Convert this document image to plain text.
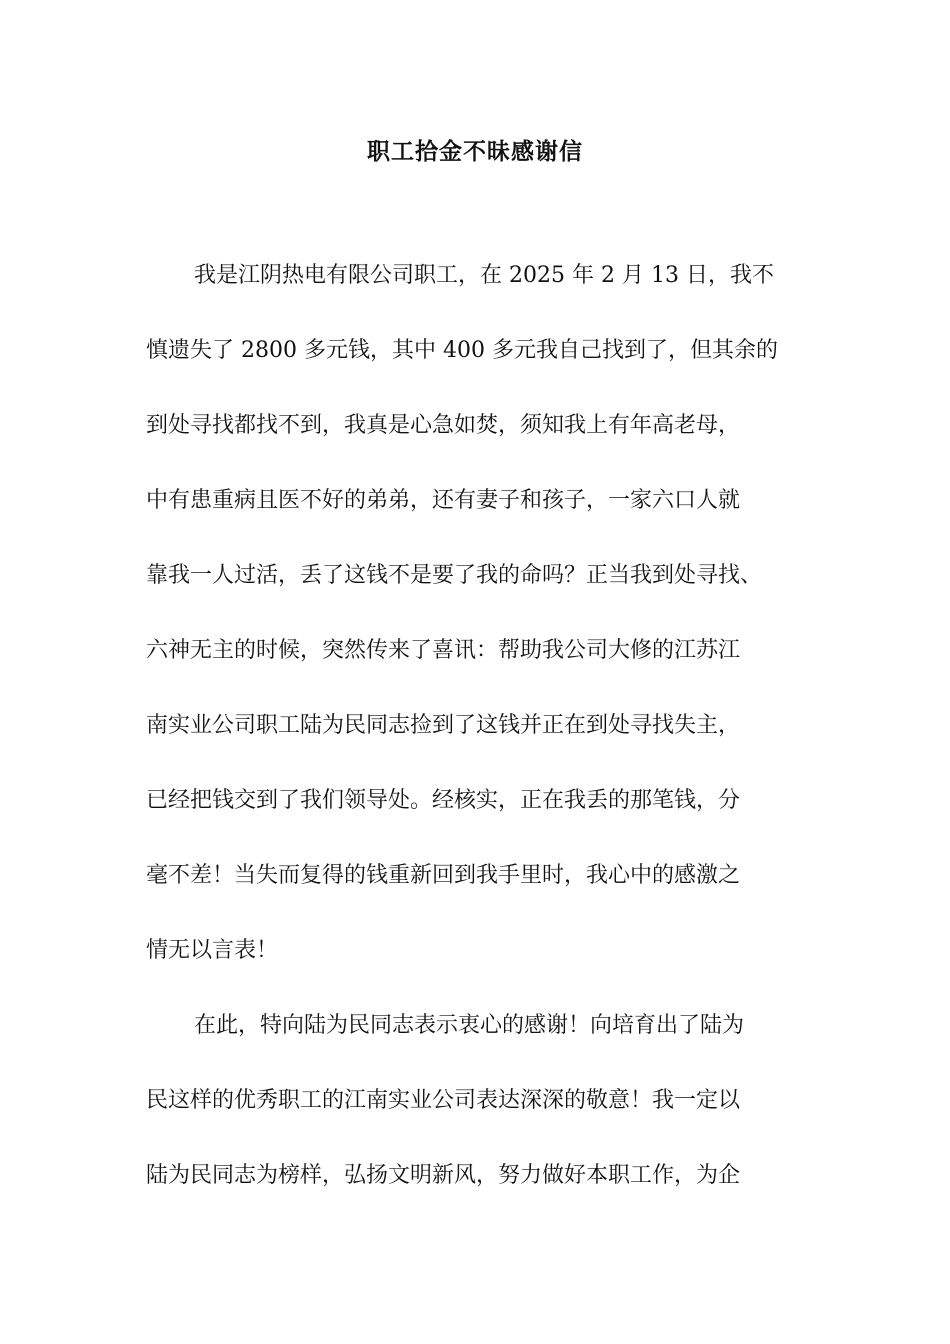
职工拾金不昧感谢信
我是江阴热电有限公司职工，在 2025 年 2 月 13 日，我不
慎遗失了 2800 多元钱，其中 400 多元我自己找到了，但其余的
到处寻找都找不到，我真是心急如焚，须知我上有年高老母，
中有患重病且医不好的弟弟，还有妻子和孩子，一家六口人就
靠我一人过活，丢了这钱不是要了我的命吗？正当我到处寻找、
六神无主的时候，突然传来了喜讯：帮助我公司大修的江苏江
南实业公司职工陆为民同志捡到了这钱并正在到处寻找失主，
已经把钱交到了我们领导处。经核实，正在我丢的那笔钱，分
毫不差！当失而复得的钱重新回到我手里时，我心中的感激之
情无以言表！
在此，特向陆为民同志表示衷心的感谢！向培育出了陆为
民这样的优秀职工的江南实业公司表达深深的敬意！我一定以
陆为民同志为榜样，弘扬文明新风，努力做好本职工作，为企
